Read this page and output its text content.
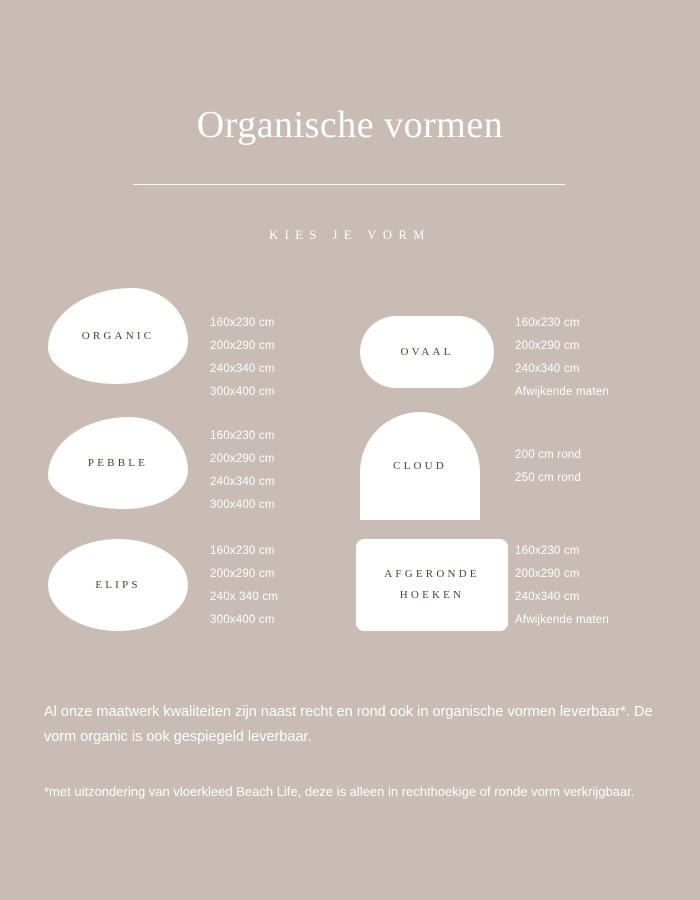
Organische vormen
KIES JE VORM
ORGANIC
160x230 cm
200x290 cm
240x340 cm
300x400 cm
OVAAL
160x230 cm
200x290 cm
240x340 cm
Afwijkende maten
PEBBLE
160x230 cm
200x290 cm
240x340 cm
300x400 cm
CLOUD
200 cm rond
250 cm rond
ELIPS
160x230 cm
200x290 cm
240x 340 cm
300x400 cm
AFGERONDE
HOEKEN
160x230 cm
200x290 cm
240x340 cm
Afwijkende maten

Al onze maatwerk kwaliteiten zijn naast recht en rond ook in organische vormen leverbaar*. De vorm organic is ook gespiegeld leverbaar.

*met uitzondering van vloerkleed Beach Life, deze is alleen in rechthoekige of ronde vorm verkrijgbaar.
